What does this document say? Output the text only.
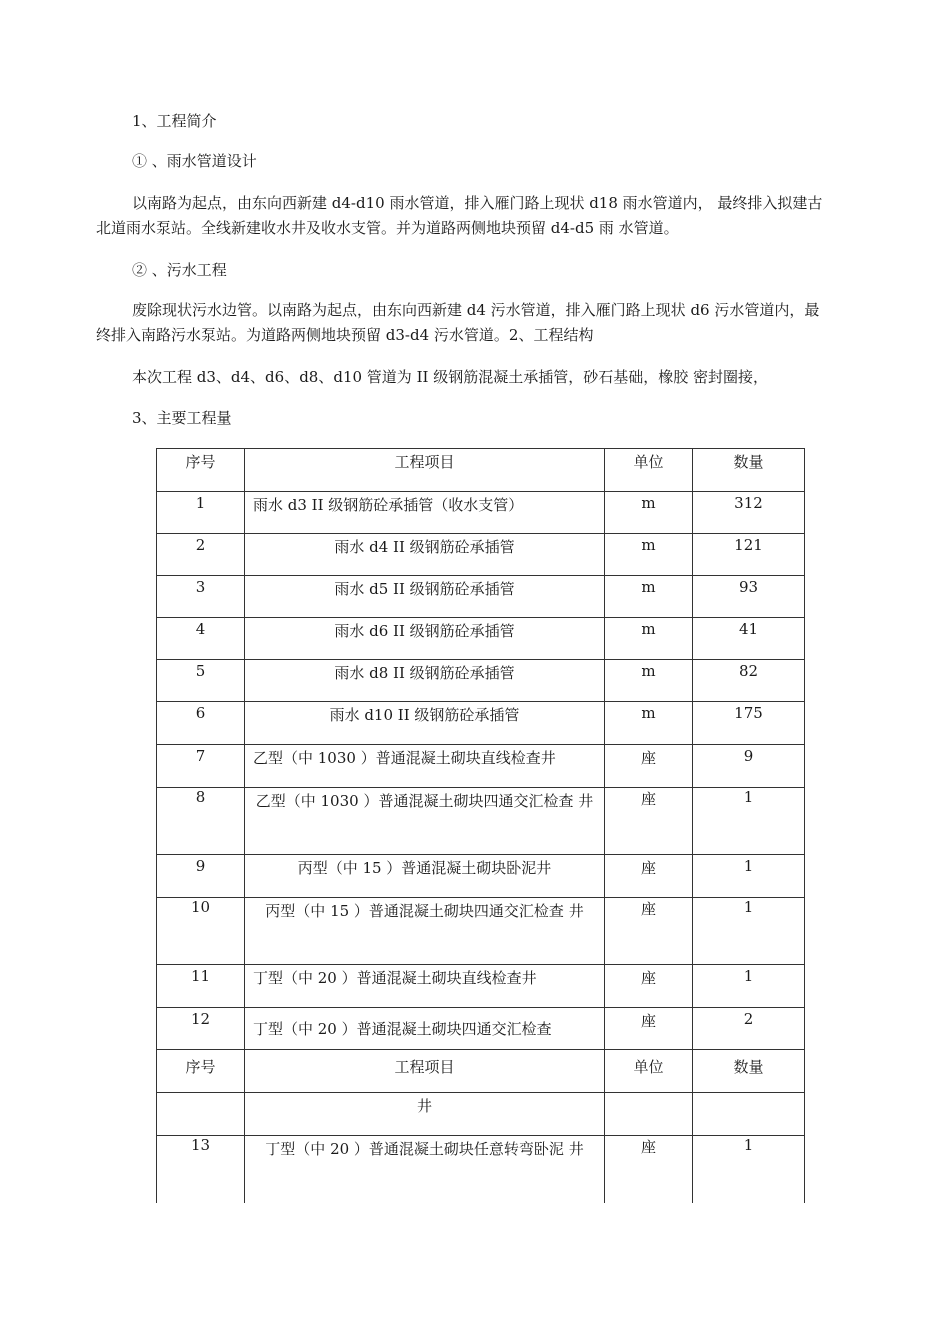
1、工程简介
① 、雨水管道设计
以南路为起点，由东向西新建 d4-d10 雨水管道，排入雁门路上现状 d18 雨水管道内， 最终排入拟建古
北道雨水泵站。全线新建收水井及收水支管。并为道路两侧地块预留 d4-d5 雨 水管道。
② 、污水工程
废除现状污水边管。以南路为起点，由东向西新建 d4 污水管道，排入雁门路上现状 d6 污水管道内，最
终排入南路污水泵站。为道路两侧地块预留 d3-d4 污水管道。2、工程结构
本次工程 d3、d4、d6、d8、d10 管道为 II 级钢筋混凝土承插管，砂石基础，橡胶 密封圈接，
3、主要工程量
序号	工程项目	单位	数量

1	雨水 d3 II 级钢筋砼承插管（收水支管）	m	312

2	雨水 d4 II 级钢筋砼承插管	m	121

3	雨水 d5 II 级钢筋砼承插管	m	93

4	雨水 d6 II 级钢筋砼承插管	m	41

5	雨水 d8 II 级钢筋砼承插管	m	82

6	雨水 d10 II 级钢筋砼承插管	m	175

7	乙型（中 1030 ）普通混凝土砌块直线检查井	座	9

8	乙型（中 1030 ）普通混凝土砌块四通交汇检查 井	座	1

9	丙型（中 15 ）普通混凝土砌块卧泥井	座	1

10	丙型（中 15 ）普通混凝土砌块四通交汇检查 井	座	1

11	丁型（中 20 ）普通混凝土砌块直线检查井	座	1

12	丁型（中 20 ）普通混凝土砌块四通交汇检查	座	2

序号	工程项目	单位	数量

	井		

13	丁型（中 20 ）普通混凝土砌块任意转弯卧泥 井	座	1
